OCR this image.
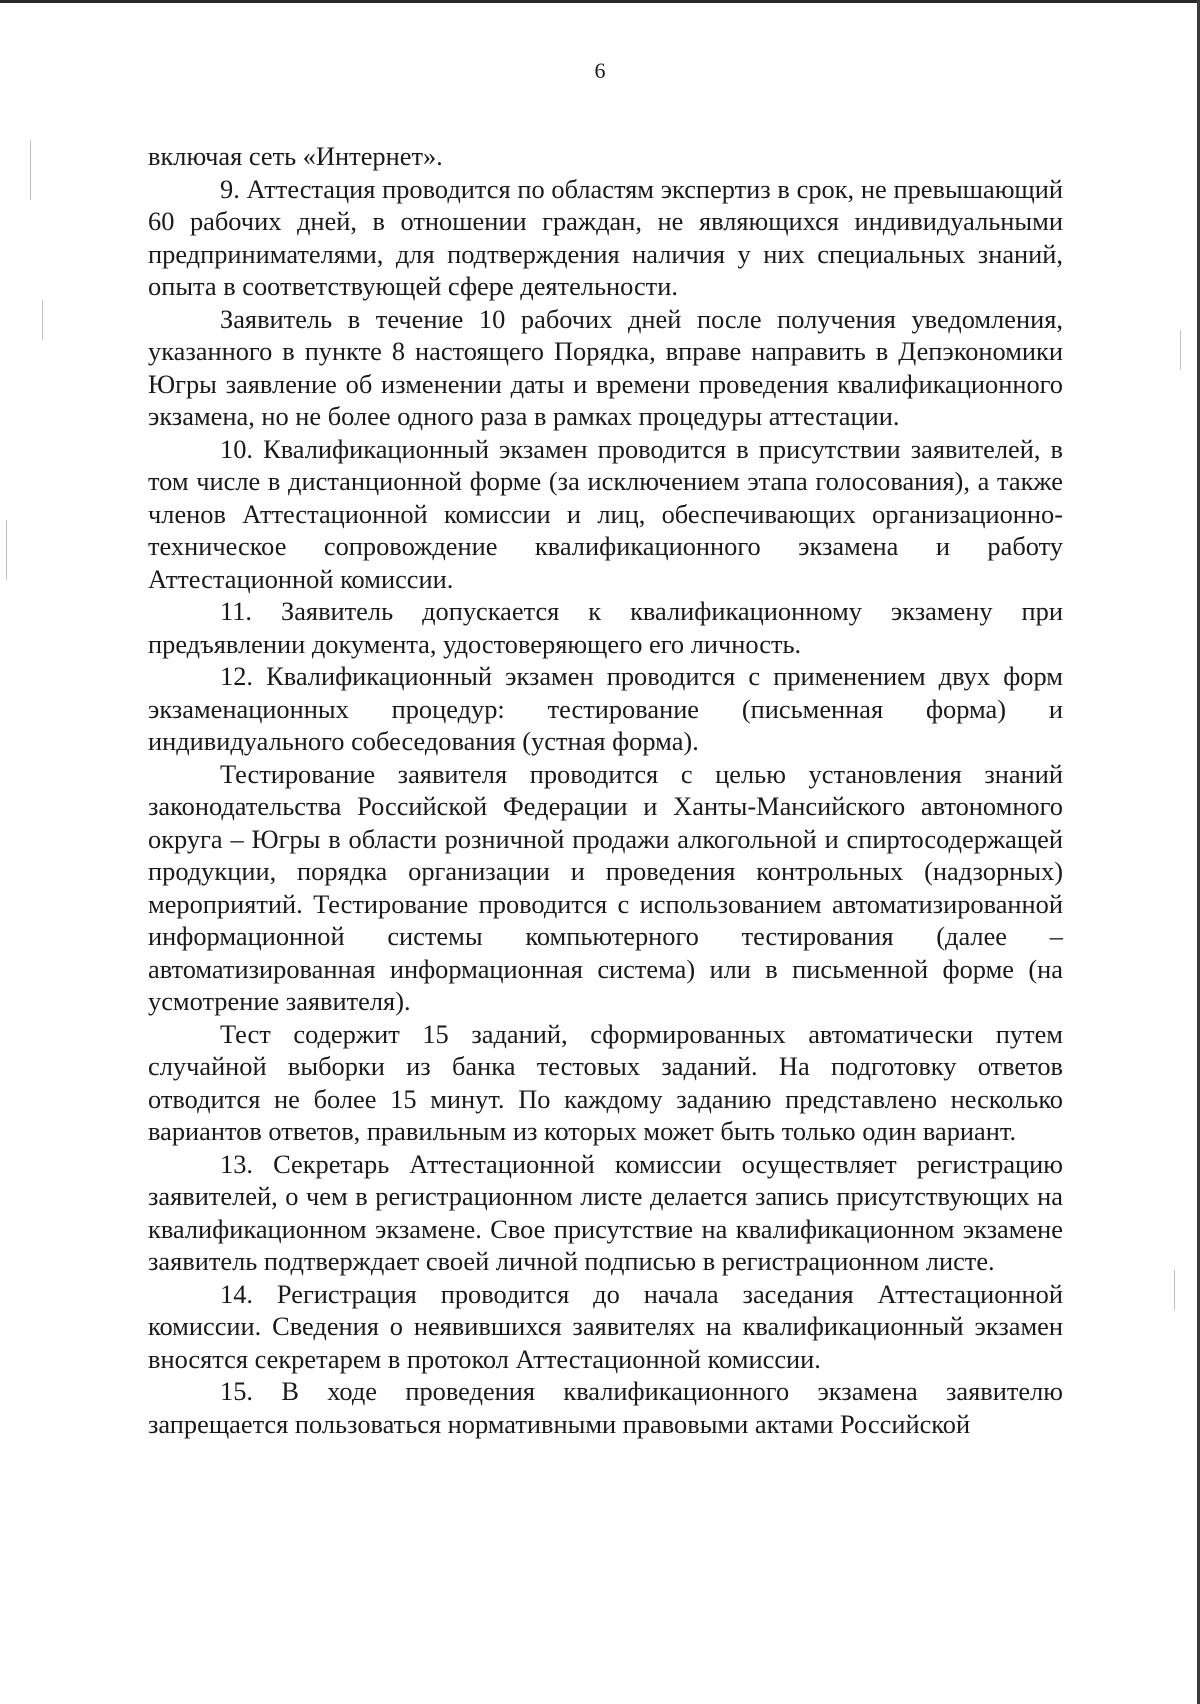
6

включая сеть «Интернет».

9. Аттестация проводится по областям экспертиз в срок, не превышающий 60 рабочих дней, в отношении граждан, не являющихся индивидуальными предпринимателями, для подтверждения наличия у них специальных знаний, опыта в соответствующей сфере деятельности.

Заявитель в течение 10 рабочих дней после получения уведомления, указанного в пункте 8 настоящего Порядка, вправе направить в Депэкономики Югры заявление об изменении даты и времени проведения квалификационного экзамена, но не более одного раза в рамках процедуры аттестации.

10. Квалификационный экзамен проводится в присутствии заявителей, в том числе в дистанционной форме (за исключением этапа голосования), а также членов Аттестационной комиссии и лиц, обеспечивающих организационно-техническое сопровождение квалификационного экзамена и работу Аттестационной комиссии.

11. Заявитель допускается к квалификационному экзамену при предъявлении документа, удостоверяющего его личность.

12. Квалификационный экзамен проводится с применением двух форм экзаменационных процедур: тестирование (письменная форма) и индивидуального собеседования (устная форма).

Тестирование заявителя проводится с целью установления знаний законодательства Российской Федерации и Ханты-Мансийского автономного округа – Югры в области розничной продажи алкогольной и спиртосодержащей продукции, порядка организации и проведения контрольных (надзорных) мероприятий. Тестирование проводится с использованием автоматизированной информационной системы компьютерного тестирования (далее – автоматизированная информационная система) или в письменной форме (на усмотрение заявителя).

Тест содержит 15 заданий, сформированных автоматически путем случайной выборки из банка тестовых заданий. На подготовку ответов отводится не более 15 минут. По каждому заданию представлено несколько вариантов ответов, правильным из которых может быть только один вариант.

13. Секретарь Аттестационной комиссии осуществляет регистрацию заявителей, о чем в регистрационном листе делается запись присутствующих на квалификационном экзамене. Свое присутствие на квалификационном экзамене заявитель подтверждает своей личной подписью в регистрационном листе.

14. Регистрация проводится до начала заседания Аттестационной комиссии. Сведения о неявившихся заявителях на квалификационный экзамен вносятся секретарем в протокол Аттестационной комиссии.

15. В ходе проведения квалификационного экзамена заявителю запрещается пользоваться нормативными правовыми актами Российской
